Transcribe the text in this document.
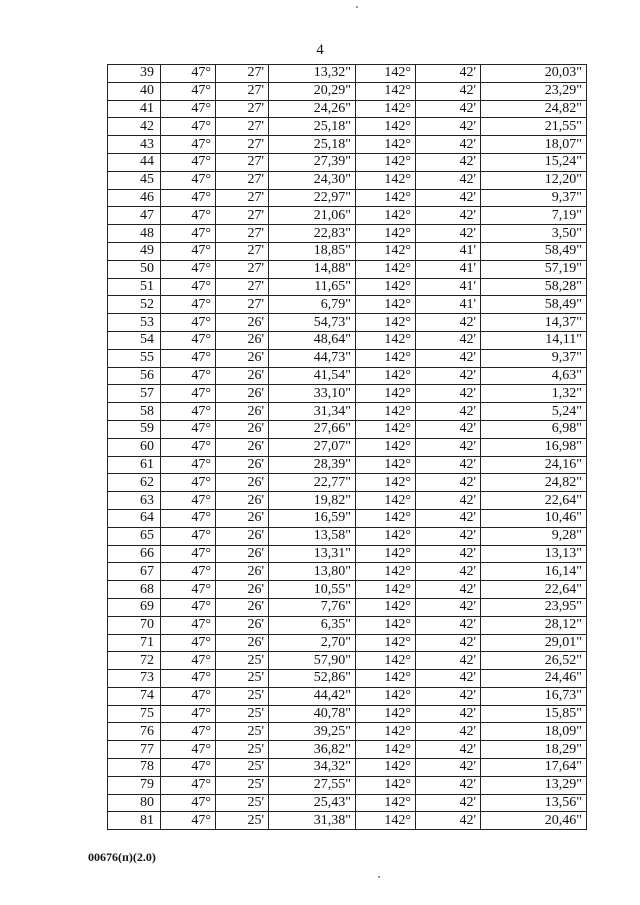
4
39	47°	27'	13,32"	142°	42'	20,03"
40	47°	27'	20,29"	142°	42'	23,29"
41	47°	27'	24,26"	142°	42'	24,82"
42	47°	27'	25,18"	142°	42'	21,55"
43	47°	27'	25,18"	142°	42'	18,07"
44	47°	27'	27,39"	142°	42'	15,24"
45	47°	27'	24,30"	142°	42'	12,20"
46	47°	27'	22,97"	142°	42'	9,37"
47	47°	27'	21,06"	142°	42'	7,19"
48	47°	27'	22,83"	142°	42'	3,50"
49	47°	27'	18,85"	142°	41'	58,49"
50	47°	27'	14,88"	142°	41'	57,19"
51	47°	27'	11,65"	142°	41'	58,28"
52	47°	27'	6,79"	142°	41'	58,49"
53	47°	26'	54,73"	142°	42'	14,37"
54	47°	26'	48,64"	142°	42'	14,11"
55	47°	26'	44,73"	142°	42'	9,37"
56	47°	26'	41,54"	142°	42'	4,63"
57	47°	26'	33,10"	142°	42'	1,32"
58	47°	26'	31,34"	142°	42'	5,24"
59	47°	26'	27,66"	142°	42'	6,98"
60	47°	26'	27,07"	142°	42'	16,98"
61	47°	26'	28,39"	142°	42'	24,16"
62	47°	26'	22,77"	142°	42'	24,82"
63	47°	26'	19,82"	142°	42'	22,64"
64	47°	26'	16,59"	142°	42'	10,46"
65	47°	26'	13,58"	142°	42'	9,28"
66	47°	26'	13,31"	142°	42'	13,13"
67	47°	26'	13,80"	142°	42'	16,14"
68	47°	26'	10,55"	142°	42'	22,64"
69	47°	26'	7,76"	142°	42'	23,95"
70	47°	26'	6,35"	142°	42'	28,12"
71	47°	26'	2,70"	142°	42'	29,01"
72	47°	25'	57,90"	142°	42'	26,52"
73	47°	25'	52,86"	142°	42'	24,46"
74	47°	25'	44,42"	142°	42'	16,73"
75	47°	25'	40,78"	142°	42'	15,85"
76	47°	25'	39,25"	142°	42'	18,09"
77	47°	25'	36,82"	142°	42'	18,29"
78	47°	25'	34,32"	142°	42'	17,64"
79	47°	25'	27,55"	142°	42'	13,29"
80	47°	25'	25,43"	142°	42'	13,56"
81	47°	25'	31,38"	142°	42'	20,46"
00676(п)(2.0)
